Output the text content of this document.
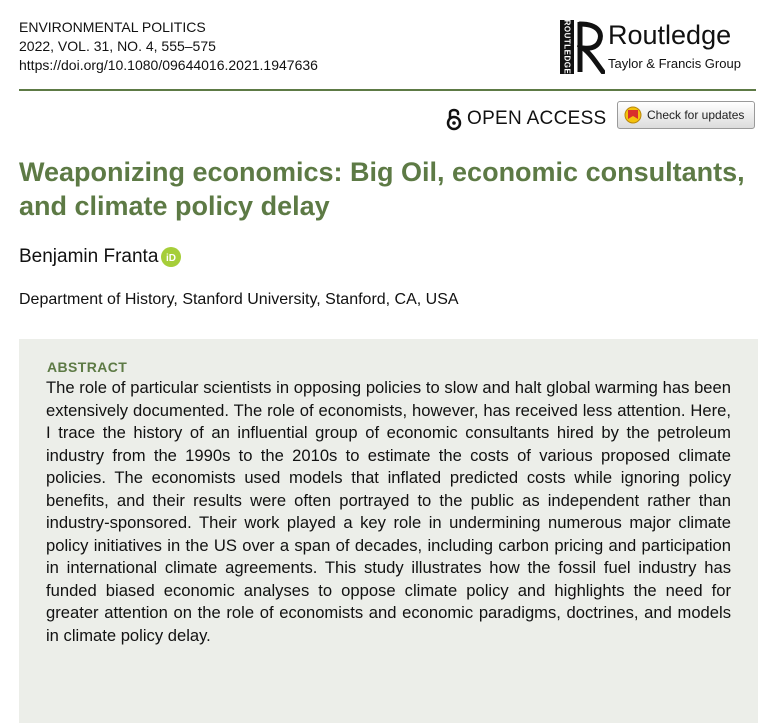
ENVIRONMENTAL POLITICS
2022, VOL. 31, NO. 4, 555–575
https://doi.org/10.1080/09644016.2021.1947636	ROUTLEDGE Routledge
Taylor & Francis Group
OPEN ACCESS	Check for updates
Weaponizing economics: Big Oil, economic consultants, and climate policy delay
Benjamin Franta iD
Department of History, Stanford University, Stanford, CA, USA
ABSTRACT

The role of particular scientists in opposing policies to slow and halt global warming has been extensively documented. The role of economists, however, has received less attention. Here, I trace the history of an influential group of economic consultants hired by the petroleum industry from the 1990s to the 2010s to estimate the costs of various proposed climate policies. The economists used models that inflated predicted costs while ignoring policy benefits, and their results were often portrayed to the public as independent rather than industry-sponsored. Their work played a key role in undermining numerous major climate policy initiatives in the US over a span of decades, including carbon pricing and participation in international climate agreements. This study illustrates how the fossil fuel industry has funded biased economic analyses to oppose climate policy and highlights the need for greater attention on the role of economists and economic paradigms, doctrines, and models in climate policy delay.
